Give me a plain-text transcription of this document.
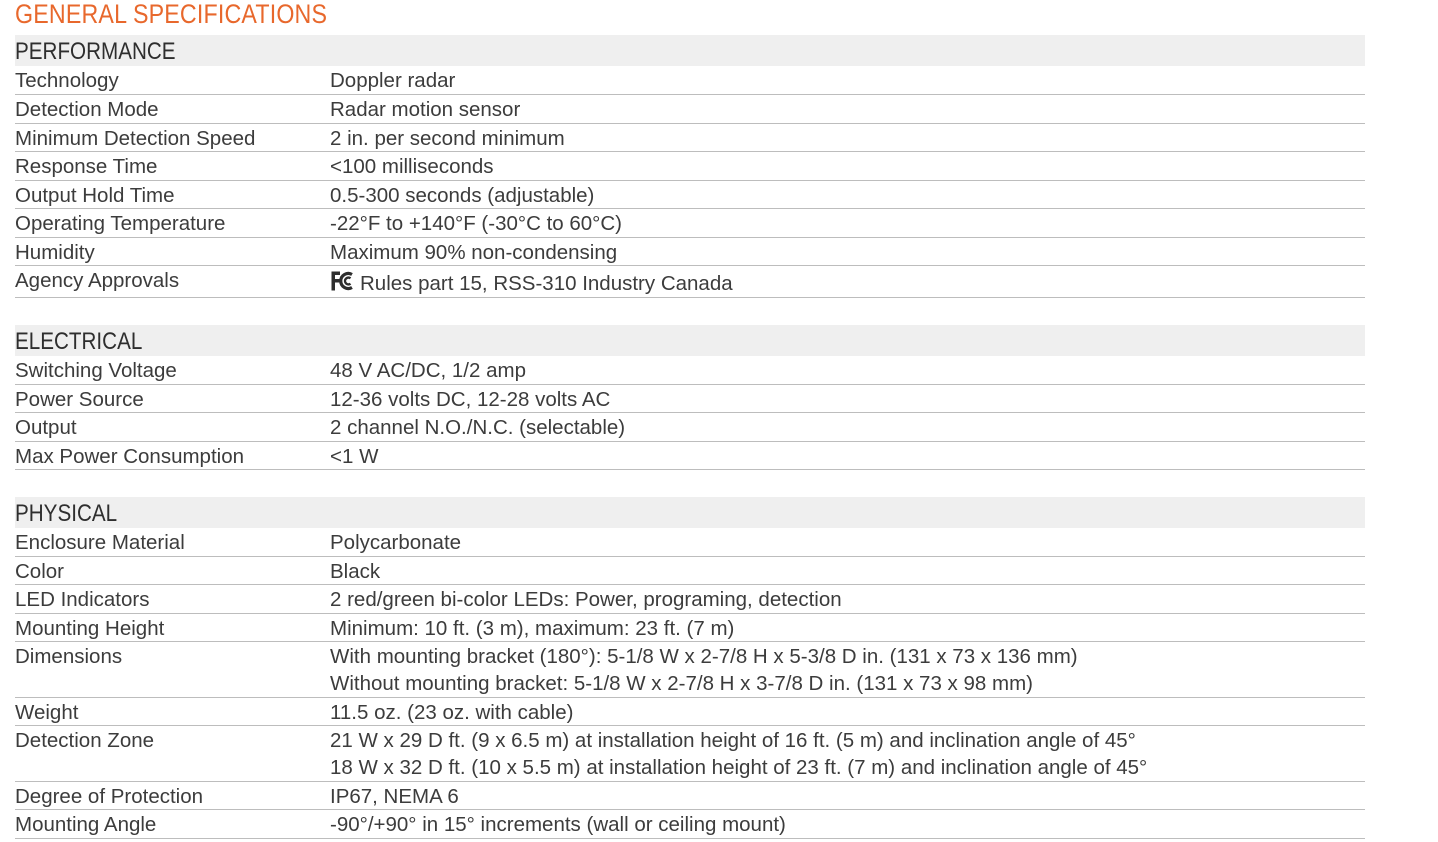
GENERAL SPECIFICATIONS
PERFORMANCE
Technology	Doppler radar
Detection Mode	Radar motion sensor
Minimum Detection Speed	2 in. per second minimum
Response Time	<100 milliseconds
Output Hold Time	0.5-300 seconds (adjustable)
Operating Temperature	-22°F to +140°F (-30°C to 60°C)
Humidity	Maximum 90% non-condensing
Agency Approvals	Rules part 15, RSS-310 Industry Canada
ELECTRICAL
Switching Voltage	48 V AC/DC, 1/2 amp
Power Source	12-36 volts DC, 12-28 volts AC
Output	2 channel N.O./N.C. (selectable)
Max Power Consumption	<1 W
PHYSICAL
Enclosure Material	Polycarbonate
Color	Black
LED Indicators	2 red/green bi-color LEDs: Power, programing, detection
Mounting Height	Minimum: 10 ft. (3 m), maximum: 23 ft. (7 m)
Dimensions	With mounting bracket (180°): 5-1/8 W x 2-7/8 H x 5-3/8 D in. (131 x 73 x 136 mm)
Without mounting bracket: 5-1/8 W x 2-7/8 H x 3-7/8 D in. (131 x 73 x 98 mm)
Weight	11.5 oz. (23 oz. with cable)
Detection Zone	21 W x 29 D ft. (9 x 6.5 m) at installation height of 16 ft. (5 m) and inclination angle of 45°
18 W x 32 D ft. (10 x 5.5 m) at installation height of 23 ft. (7 m) and inclination angle of 45°
Degree of Protection	IP67, NEMA 6
Mounting Angle	-90°/+90° in 15° increments (wall or ceiling mount)
